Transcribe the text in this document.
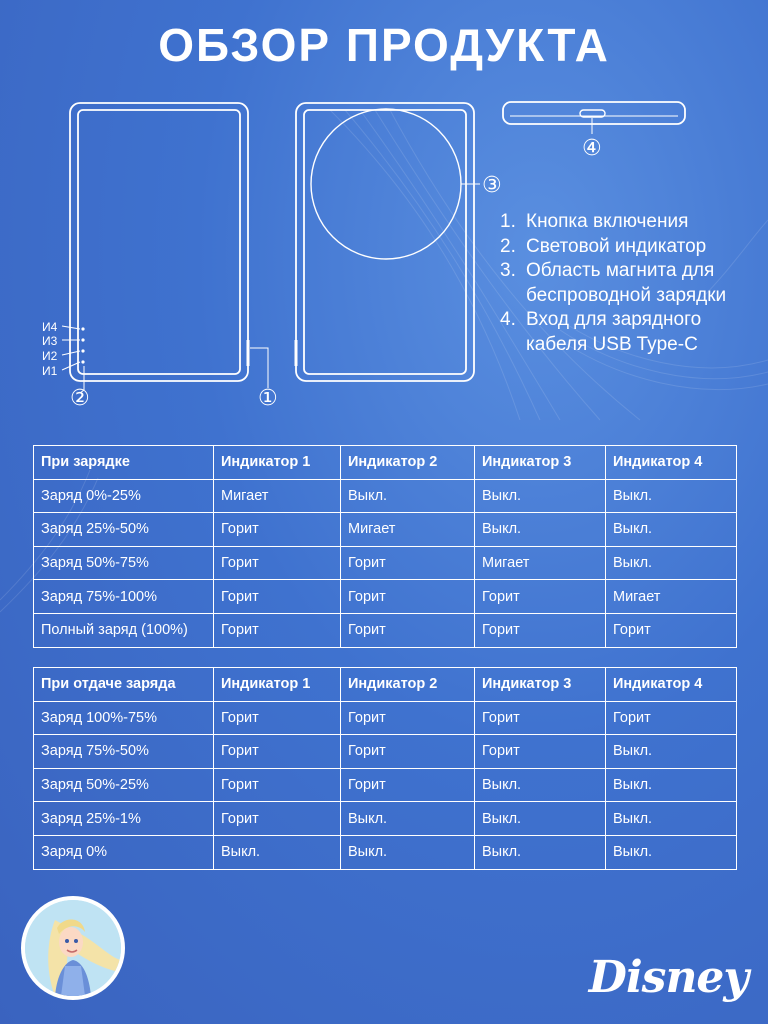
ОБЗОР ПРОДУКТА
И4
И3
И2
И1
②	①
③
④
1. Кнопка включения
2. Световой индикатор
3. Область магнита для беспроводной зарядки
4. Вход для зарядного кабеля USB Type-C
При зарядке	Индикатор 1	Индикатор 2	Индикатор 3	Индикатор 4
Заряд 0%-25%	Мигает	Выкл.	Выкл.	Выкл.
Заряд 25%-50%	Горит	Мигает	Выкл.	Выкл.
Заряд 50%-75%	Горит	Горит	Мигает	Выкл.
Заряд 75%-100%	Горит	Горит	Горит	Мигает
Полный заряд (100%)	Горит	Горит	Горит	Горит
При отдаче заряда	Индикатор 1	Индикатор 2	Индикатор 3	Индикатор 4
Заряд 100%-75%	Горит	Горит	Горит	Горит
Заряд 75%-50%	Горит	Горит	Горит	Выкл.
Заряд 50%-25%	Горит	Горит	Выкл.	Выкл.
Заряд 25%-1%	Горит	Выкл.	Выкл.	Выкл.
Заряд 0%	Выкл.	Выкл.	Выкл.	Выкл.
Disney
